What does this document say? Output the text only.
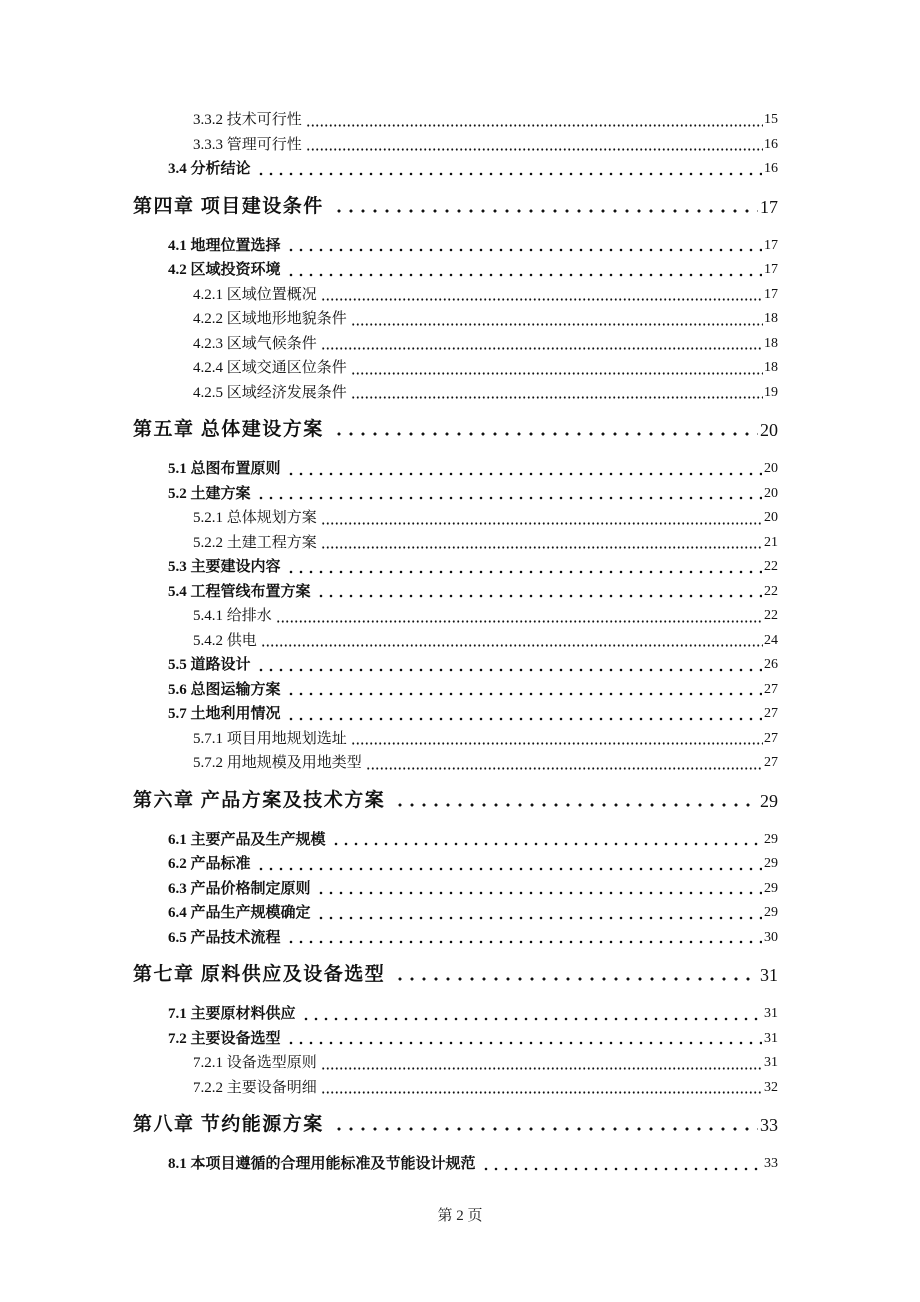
3.3.2 技术可行性	15
3.3.3 管理可行性	16
3.4 分析结论	16
第四章 项目建设条件	17
4.1 地理位置选择	17
4.2 区域投资环境	17
4.2.1 区域位置概况	17
4.2.2 区域地形地貌条件	18
4.2.3 区域气候条件	18
4.2.4 区域交通区位条件	18
4.2.5 区域经济发展条件	19
第五章 总体建设方案	20
5.1 总图布置原则	20
5.2 土建方案	20
5.2.1 总体规划方案	20
5.2.2 土建工程方案	21
5.3 主要建设内容	22
5.4 工程管线布置方案	22
5.4.1 给排水	22
5.4.2 供电	24
5.5 道路设计	26
5.6 总图运输方案	27
5.7 土地利用情况	27
5.7.1 项目用地规划选址	27
5.7.2 用地规模及用地类型	27
第六章 产品方案及技术方案	29
6.1 主要产品及生产规模	29
6.2 产品标准	29
6.3 产品价格制定原则	29
6.4 产品生产规模确定	29
6.5 产品技术流程	30
第七章 原料供应及设备选型	31
7.1 主要原材料供应	31
7.2 主要设备选型	31
7.2.1 设备选型原则	31
7.2.2 主要设备明细	32
第八章 节约能源方案	33
8.1 本项目遵循的合理用能标准及节能设计规范	33
第 2 页
